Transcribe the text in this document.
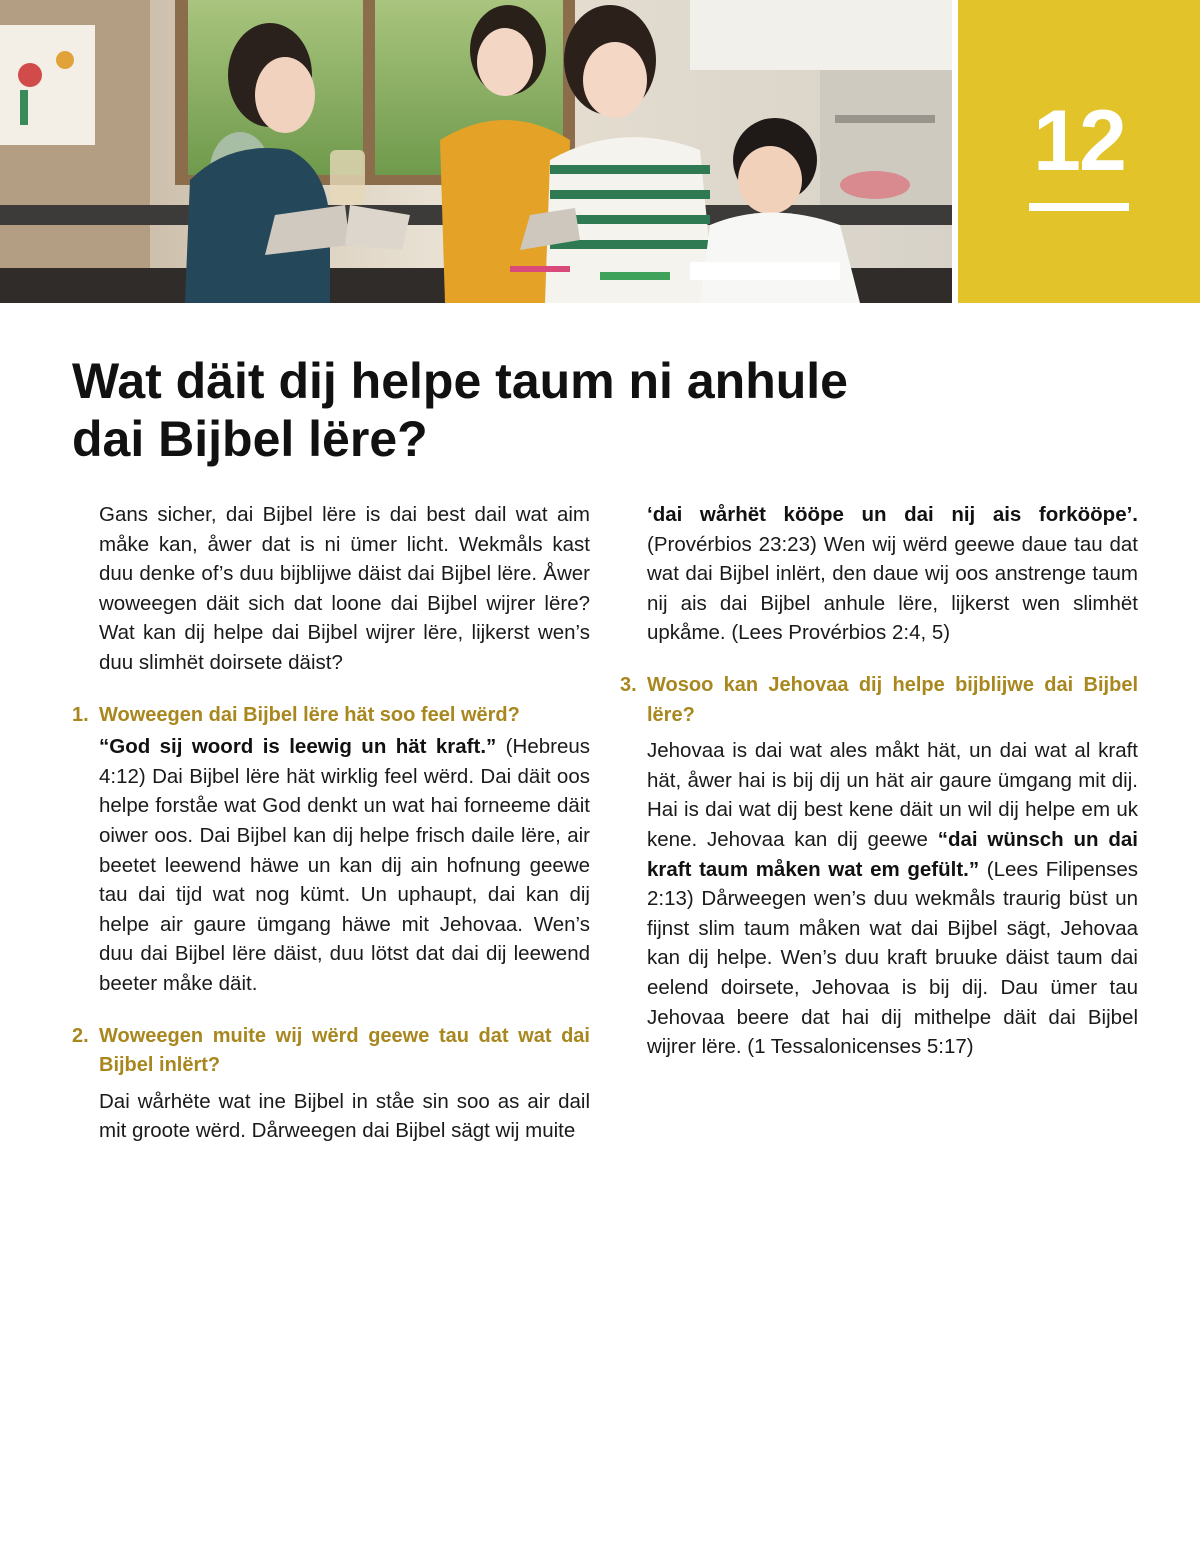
12
Wat däit dij helpe taum ni anhule dai Bijbel lëre?

Gans sicher, dai Bijbel lëre is dai best dail wat aim måke kan, åwer dat is ni ümer licht. Wekmåls kast duu denke of’s duu bijblijwe däist dai Bijbel lëre. Åwer woweegen däit sich dat loone dai Bijbel wijrer lëre? Wat kan dij helpe dai Bijbel wijrer lëre, lijkerst wen’s duu slimhët doirsete däist?

1. Woweegen dai Bijbel lëre hät soo feel wërd?

“God sij woord is leewig un hät kraft.” (Hebreus 4:12) Dai Bijbel lëre hät wirklig feel wërd. Dai däit oos helpe forståe wat God denkt un wat hai forneeme däit oiwer oos. Dai Bijbel kan dij helpe frisch daile lëre, air beetet leewend häwe un kan dij ain hofnung geewe tau dai tijd wat nog kümt. Un uphaupt, dai kan dij helpe air gaure ümgang häwe mit Jehovaa. Wen’s duu dai Bijbel lëre däist, duu lötst dat dai dij leewend beeter måke däit.

2. Woweegen muite wij wërd geewe tau dat wat dai Bijbel inlërt?

Dai wårhëte wat ine Bijbel in ståe sin soo as air dail mit groote wërd. Dårweegen dai Bijbel sägt wij muite

‘dai wårhët kööpe un dai nij ais forkööpe’. (Provérbios 23:23) Wen wij wërd geewe daue tau dat wat dai Bijbel inlërt, den daue wij oos anstrenge taum nij ais dai Bijbel anhule lëre, lijkerst wen slimhët upkåme. (Lees Provérbios 2:4, 5)

3. Wosoo kan Jehovaa dij helpe bijblijwe dai Bijbel lëre?

Jehovaa is dai wat ales måkt hät, un dai wat al kraft hät, åwer hai is bij dij un hät air gaure ümgang mit dij. Hai is dai wat dij best kene däit un wil dij helpe em uk kene. Jehovaa kan dij geewe “dai wünsch un dai kraft taum måken wat em gefült.” (Lees Filipenses 2:13) Dårweegen wen’s duu wekmåls traurig büst un fijnst slim taum måken wat dai Bijbel sägt, Jehovaa kan dij helpe. Wen’s duu kraft bruuke däist taum dai eelend doirsete, Jehovaa is bij dij. Dau ümer tau Jehovaa beere dat hai dij mithelpe däit dai Bijbel wijrer lëre. (1 Tessalonicenses 5:17)
